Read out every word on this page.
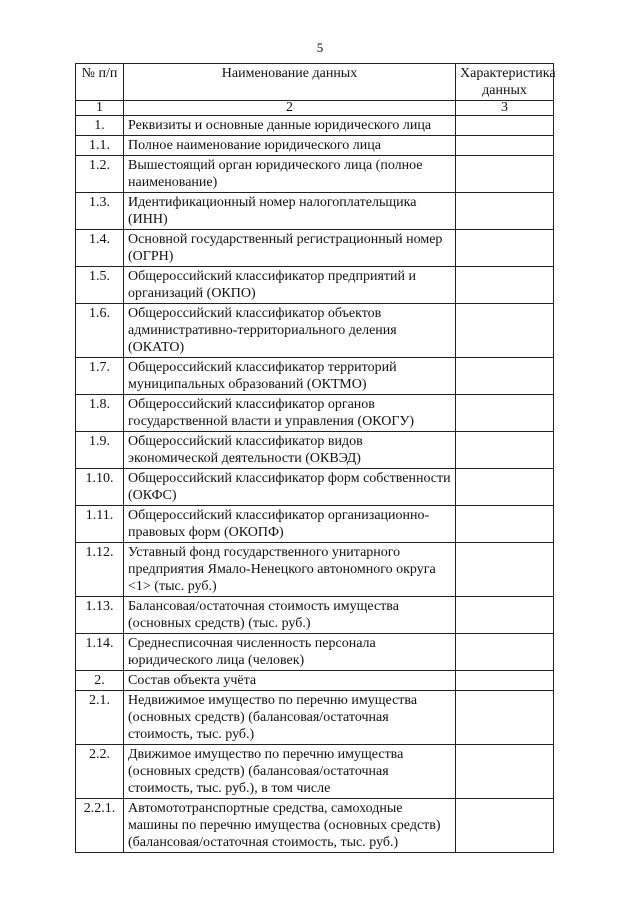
5
№ п/п	Наименование данных	Характеристика данных
1	2	3
1.	Реквизиты и основные данные юридического лица	
1.1.	Полное наименование юридического лица	
1.2.	Вышестоящий орган юридического лица (полное наименование)	
1.3.	Идентификационный номер налогоплательщика (ИНН)	
1.4.	Основной государственный регистрационный номер (ОГРН)	
1.5.	Общероссийский классификатор предприятий и организаций (ОКПО)	
1.6.	Общероссийский классификатор объектов административно-территориального деления (ОКАТО)	
1.7.	Общероссийский классификатор территорий муниципальных образований (ОКТМО)	
1.8.	Общероссийский классификатор органов государственной власти и управления (ОКОГУ)	
1.9.	Общероссийский классификатор видов экономической деятельности (ОКВЭД)	
1.10.	Общероссийский классификатор форм собственности (ОКФС)	
1.11.	Общероссийский классификатор организационно-правовых форм (ОКОПФ)	
1.12.	Уставный фонд государственного унитарного предприятия Ямало-Ненецкого автономного округа <1> (тыс. руб.)	
1.13.	Балансовая/остаточная стоимость имущества (основных средств) (тыс. руб.)	
1.14.	Среднесписочная численность персонала юридического лица (человек)	
2.	Состав объекта учёта	
2.1.	Недвижимое имущество по перечню имущества (основных средств) (балансовая/остаточная стоимость, тыс. руб.)	
2.2.	Движимое имущество по перечню имущества (основных средств) (балансовая/остаточная стоимость, тыс. руб.), в том числе	
2.2.1.	Автомототранспортные средства, самоходные машины по перечню имущества (основных средств) (балансовая/остаточная стоимость, тыс. руб.)	
